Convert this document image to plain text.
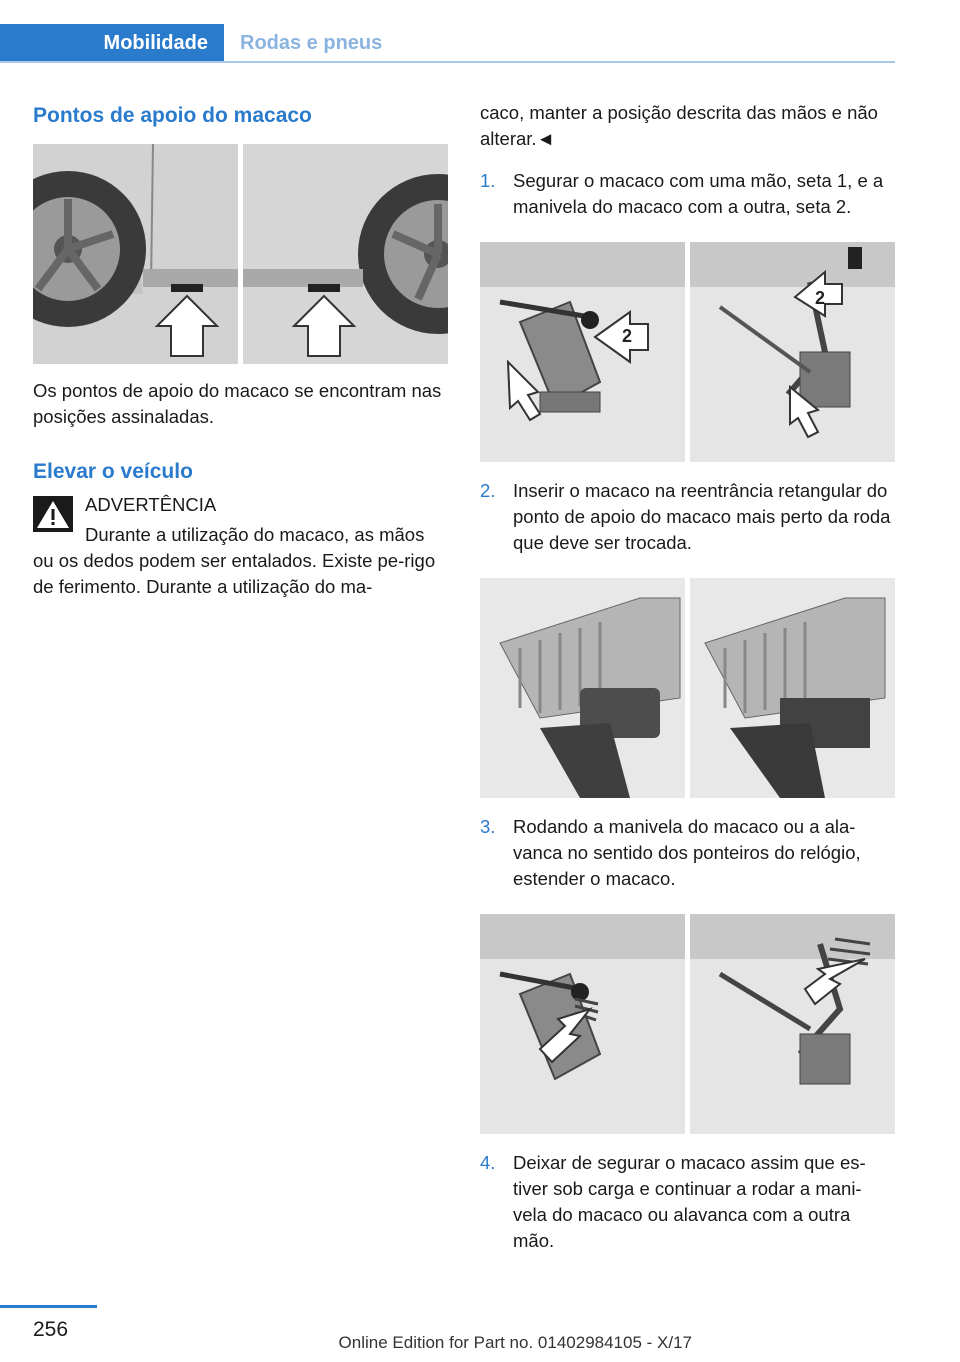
Mobilidade	Rodas e pneus
Pontos de apoio do macaco

Os pontos de apoio do macaco se encontram nas posições assinaladas.

Elevar o veículo
ADVERTÊNCIA

Durante a utilização do macaco, as mãos ou os dedos podem ser entalados. Existe pe-rigo de ferimento. Durante a utilização do ma-

caco, manter a posição descrita das mãos e não alterar.◄

1. Segurar o macaco com uma mão, seta 1, e a manivela do macaco com a outra, seta 2.
2
2
2. Inserir o macaco na reentrância retangular do ponto de apoio do macaco mais perto da roda que deve ser trocada.
3. Rodando a manivela do macaco ou a ala-vanca no sentido dos ponteiros do relógio, estender o macaco.
4. Deixar de segurar o macaco assim que es-tiver sob carga e continuar a rodar a mani-vela do macaco ou alavanca com a outra mão.
256
Online Edition for Part no. 01402984105 - X/17
